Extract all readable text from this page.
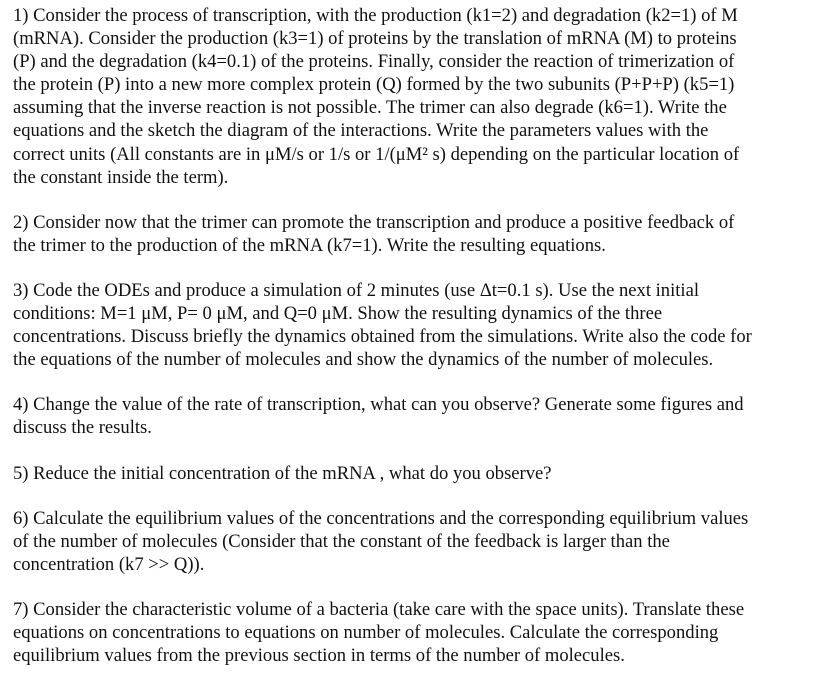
1) Consider the process of transcription, with the production (k1=2) and degradation (k2=1) of M
(mRNA). Consider the production (k3=1) of proteins by the translation of mRNA (M) to proteins
(P) and the degradation (k4=0.1) of the proteins. Finally, consider the reaction of trimerization of
the protein (P) into a new more complex protein (Q) formed by the two subunits (P+P+P) (k5=1)
assuming that the inverse reaction is not possible. The trimer can also degrade (k6=1). Write the
equations and the sketch the diagram of the interactions. Write the parameters values with the
correct units (All constants are in μM/s or 1/s or 1/(μM² s) depending on the particular location of
the constant inside the term).
2) Consider now that the trimer can promote the transcription and produce a positive feedback of
the trimer to the production of the mRNA (k7=1). Write the resulting equations.
3) Code the ODEs and produce a simulation of 2 minutes (use Δt=0.1 s). Use the next initial
conditions: M=1 μM, P= 0 μM, and Q=0 μM. Show the resulting dynamics of the three
concentrations. Discuss briefly the dynamics obtained from the simulations. Write also the code for
the equations of the number of molecules and show the dynamics of the number of molecules.
4) Change the value of the rate of transcription, what can you observe? Generate some figures and
discuss the results.
5) Reduce the initial concentration of the mRNA , what do you observe?
6) Calculate the equilibrium values of the concentrations and the corresponding equilibrium values
of the number of molecules (Consider that the constant of the feedback is larger than the
concentration (k7 >> Q)).
7) Consider the characteristic volume of a bacteria (take care with the space units). Translate these
equations on concentrations to equations on number of molecules. Calculate the corresponding
equilibrium values from the previous section in terms of the number of molecules.
